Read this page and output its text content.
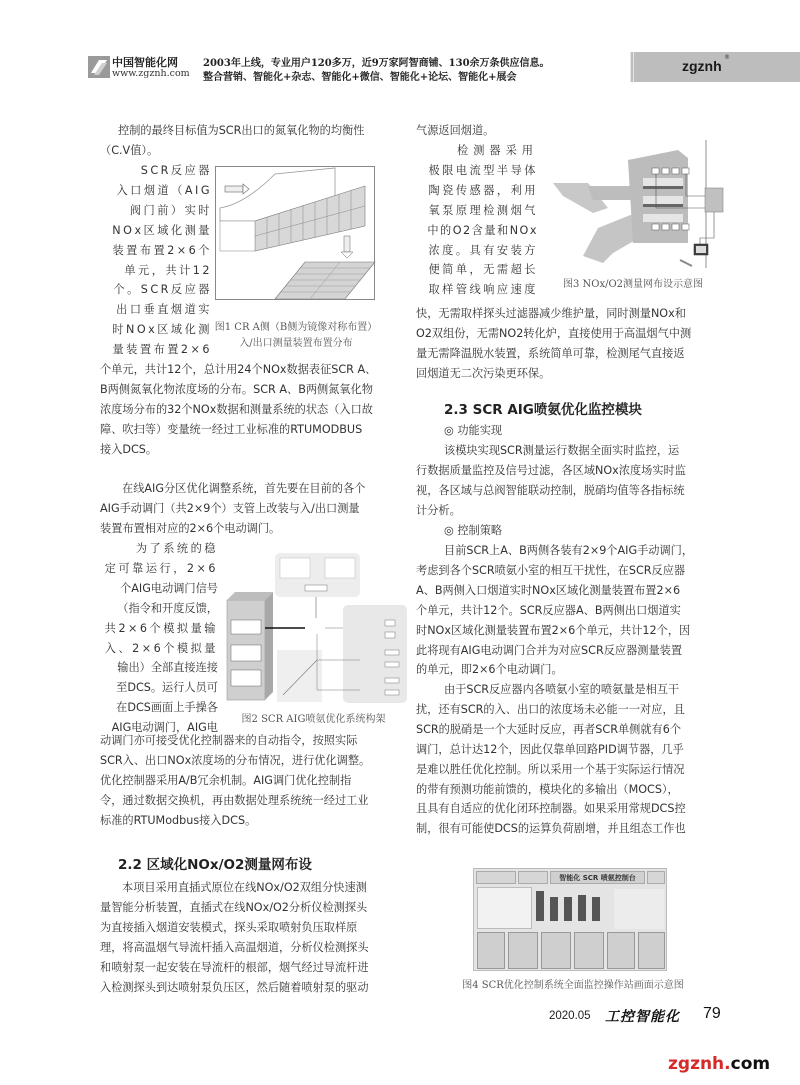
中国智能化网
www.zgznh.com
2003年上线，专业用户120多万，近9万家阿智商铺、130余万条供应信息。
整合营销、智能化+杂志、智能化+微信、智能化+论坛、智能化+展会
zgznh
®
控制的最终目标值为SCR出口的氮氧化物的均衡性
（C.V值）。
SCR反应器
入口烟道（AIG
阀门前）实时
NOx区域化测量
装置布置2×6个
单元，共计12
个。SCR反应器
出口垂直烟道实
时NOx区域化测
量装置布置2×6
图1 CR A侧（B侧为镜像对称布置）
入/出口测量装置布置分布
个单元，共计12个，总计用24个NOx数据表征SCR A、
B两侧氮氧化物浓度场的分布。SCR A、B两侧氮氧化物
浓度场分布的32个NOx数据和测量系统的状态（入口故
障、吹扫等）变量统一经过工业标准的RTUMODBUS
接入DCS。
在线AIG分区优化调整系统，首先要在目前的各个
AIG手动调门（共2×9个）支管上改装与入/出口测量
装置布置相对应的2×6个电动调门。
为了系统的稳
定可靠运行，2×6
个AIG电动调门信号
（指令和开度反馈，
共2×6个模拟量输
入、2×6个模拟量
输出）全部直接连接
至DCS。运行人员可
在DCS画面上手操各
AIG电动调门，AIG电
图2 SCR AIG喷氨优化系统构架
动调门亦可接受优化控制器来的自动指令，按照实际
SCR入、出口NOx浓度场的分布情况，进行优化调整。
优化控制器采用A/B冗余机制。AIG调门优化控制指
令，通过数据交换机，再由数据处理系统统一经过工业
标准的RTUModbus接入DCS。
2.2 区域化NOx/O2测量网布设
本项目采用直插式原位在线NOx/O2双组分快速测
量智能分析装置，直插式在线NOx/O2分析仪检测探头
为直接插入烟道安装模式，探头采取喷射负压取样原
理，将高温烟气导流杆插入高温烟道，分析仪检测探头
和喷射泵一起安装在导流杆的根部，烟气经过导流杆进
入检测探头到达喷射泵负压区，然后随着喷射泵的驱动
气源返回烟道。
检测器采用
极限电流型半导体
陶瓷传感器，利用
氧泵原理检测烟气
中的O2含量和NOx
浓度。具有安装方
便简单，无需超长
取样管线响应速度	图3 NOx/O2测量网布设示意图
快，无需取样探头过滤器减少维护量，同时测量NOx和
O2双组份，无需NO2转化炉，直接使用于高温烟气中测
量无需降温脱水装置，系统简单可靠，检测尾气直接返
回烟道无二次污染更环保。
2.3 SCR AIG喷氨优化监控模块
◎ 功能实现
该模块实现SCR测量运行数据全面实时监控，运
行数据质量监控及信号过滤，各区域NOx浓度场实时监
视，各区域与总阀智能联动控制，脱硝均值等各指标统
计分析。
◎ 控制策略
目前SCR上A、B两侧各装有2×9个AIG手动调门，
考虑到各个SCR喷氨小室的相互干扰性，在SCR反应器
A、B两侧入口烟道实时NOx区域化测量装置布置2×6
个单元，共计12个。SCR反应器A、B两侧出口烟道实
时NOx区域化测量装置布置2×6个单元，共计12个，因
此将现有AIG电动调门合并为对应SCR反应器测量装置
的单元，即2×6个电动调门。
由于SCR反应器内各喷氨小室的喷氨量是相互干
扰，还有SCR的入、出口的浓度场未必能一一对应，且
SCR的脱硝是一个大延时反应，再者SCR单侧就有6个
调门，总计达12个，因此仅靠单回路PID调节器，几乎
是难以胜任优化控制。所以采用一个基于实际运行情况
的带有预测功能前馈的，模块化的多输出（MOCS），
且具有自适应的优化闭环控制器。如果采用常规DCS控
制，很有可能使DCS的运算负荷剧增，并且组态工作也
智能化 SCR 喷氨控制台
图4 SCR优化控制系统全面监控操作站画面示意图
2020.05 工控智能化 79
zgznh.com
